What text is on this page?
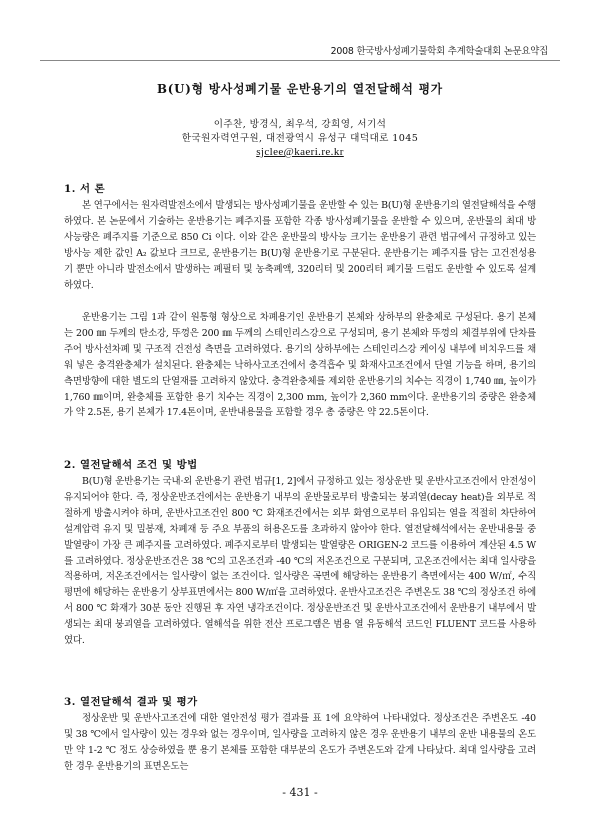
2008 한국방사성폐기물학회 추계학술대회 논문요약집
B(U)형 방사성폐기물 운반용기의 열전달해석 평가
이주찬, 방경식, 최우석, 강희영, 서기석
한국원자력연구원, 대전광역시 유성구 대덕대로 1045
sjclee@kaeri.re.kr
1. 서 론

본 연구에서는 원자력발전소에서 발생되는 방사성폐기물을 운반할 수 있는 B(U)형 운반용기의 열전달해석을 수행하였다. 본 논문에서 기술하는 운반용기는 폐주지를 포함한 각종 방사성폐기물을 운반할 수 있으며, 운반물의 최대 방사능량은 폐주지를 기준으로 850 Ci 이다. 이와 같은 운반물의 방사능 크기는 운반용기 관련 법규에서 규정하고 있는 방사능 제한 값인 A₂ 값보다 크므로, 운반용기는 B(U)형 운반용기로 구분된다. 운반용기는 폐주지를 담는 고건전성용기 뿐만 아니라 발전소에서 발생하는 폐필터 및 농축폐액, 320리터 및 200리터 폐기물 드럼도 운반할 수 있도록 설계하였다.

운반용기는 그림 1과 같이 원통형 형상으로 차폐용기인 운반용기 본체와 상하부의 완충체로 구성된다. 용기 본체는 200 ㎜ 두께의 탄소강, 뚜껑은 200 ㎜ 두께의 스테인리스강으로 구성되며, 용기 본체와 뚜껑의 체결부위에 단차를 주어 방사선차폐 및 구조적 건전성 측면을 고려하였다. 용기의 상하부에는 스테인리스강 케이싱 내부에 비치우드를 채워 넣은 충격완충체가 설치된다. 완충체는 낙하사고조건에서 충격흡수 및 화재사고조건에서 단열 기능을 하며, 용기의 측면방향에 대한 별도의 단열재를 고려하지 않았다. 충격완충체를 제외한 운반용기의 치수는 직경이 1,740 ㎜, 높이가 1,760 ㎜이며, 완충체를 포함한 용기 치수는 직경이 2,300 mm, 높이가 2,360 mm이다. 운반용기의 중량은 완충체가 약 2.5톤, 용기 본체가 17.4톤이며, 운반내용물을 포함할 경우 총 중량은 약 22.5톤이다.

2. 열전달해석 조건 및 방법

B(U)형 운반용기는 국내·외 운반용기 관련 법규[1, 2]에서 규정하고 있는 정상운반 및 운반사고조건에서 안전성이 유지되어야 한다. 즉, 정상운반조건에서는 운반용기 내부의 운반물로부터 방출되는 붕괴열(decay heat)을 외부로 적절하게 방출시켜야 하며, 운반사고조건인 800 ℃ 화재조건에서는 외부 화염으로부터 유입되는 열을 적절히 차단하여 설계압력 유지 및 밀봉재, 차폐재 등 주요 부품의 허용온도를 초과하지 않아야 한다. 열전달해석에서는 운반내용물 중 발열량이 가장 큰 폐주지를 고려하였다. 폐주지로부터 발생되는 발열량은 ORIGEN-2 코드를 이용하여 계산된 4.5 W를 고려하였다. 정상운반조건은 38 ℃의 고온조건과 -40 ℃의 저온조건으로 구분되며, 고온조건에서는 최대 일사량을 적용하며, 저온조건에서는 일사량이 없는 조건이다. 일사량은 곡면에 해당하는 운반용기 측면에서는 400 W/㎡, 수직평면에 해당하는 운반용기 상부표면에서는 800 W/㎡을 고려하였다. 운반사고조건은 주변온도 38 ℃의 정상조건 하에서 800 ℃ 화재가 30분 동안 진행된 후 자연 냉각조건이다. 정상운반조건 및 운반사고조건에서 운반용기 내부에서 발생되는 최대 붕괴열을 고려하였다. 열해석을 위한 전산 프로그램은 범용 열 유동해석 코드인 FLUENT 코드를 사용하였다.

3. 열전달해석 결과 및 평가

정상운반 및 운반사고조건에 대한 열안전성 평가 결과를 표 1에 요약하여 나타내었다. 정상조건은 주변온도 -40 및 38 ℃에서 일사량이 있는 경우와 없는 경우이며, 일사량을 고려하지 않은 경우 운반용기 내부의 운반 내용물의 온도만 약 1-2 ℃ 정도 상승하였을 뿐 용기 본체를 포함한 대부분의 온도가 주변온도와 같게 나타났다. 최대 일사량을 고려한 경우 운반용기의 표면온도는

- 431 -
